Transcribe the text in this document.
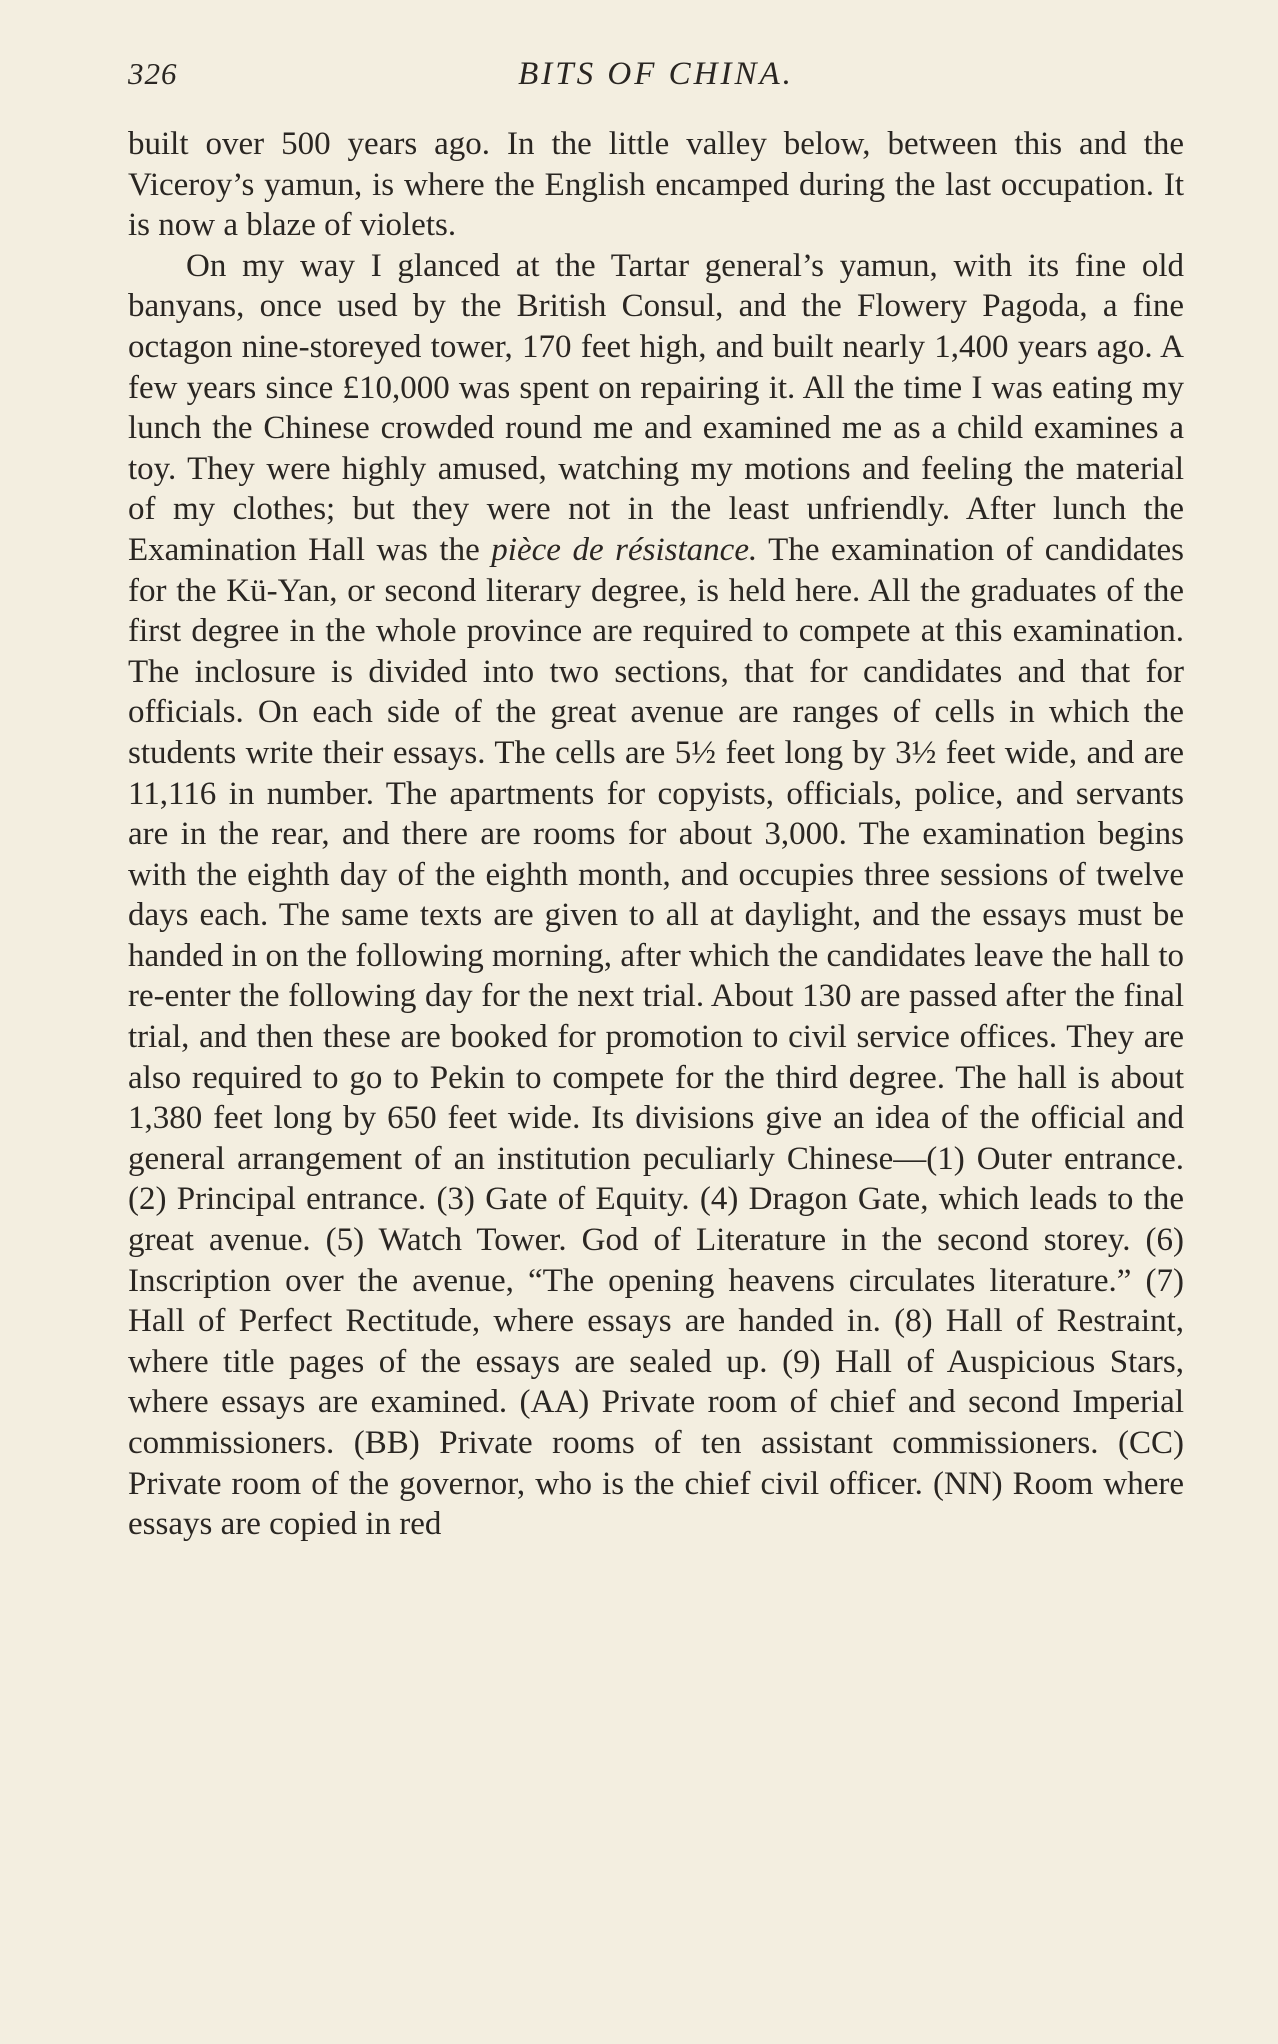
326	BITS OF CHINA.

built over 500 years ago. In the little valley below, between this and the Viceroy’s yamun, is where the English encamped during the last occupation. It is now a blaze of violets.

On my way I glanced at the Tartar general’s yamun, with its fine old banyans, once used by the British Consul, and the Flowery Pagoda, a fine octagon nine-storeyed tower, 170 feet high, and built nearly 1,400 years ago. A few years since £10,000 was spent on repairing it. All the time I was eating my lunch the Chinese crowded round me and examined me as a child examines a toy. They were highly amused, watching my motions and feeling the material of my clothes; but they were not in the least unfriendly. After lunch the Examination Hall was the pièce de résistance. The examination of candidates for the Kü-Yan, or second literary degree, is held here. All the graduates of the first degree in the whole province are required to compete at this examination. The inclosure is divided into two sections, that for candidates and that for officials. On each side of the great avenue are ranges of cells in which the students write their essays. The cells are 5½ feet long by 3½ feet wide, and are 11,116 in number. The apartments for copyists, officials, police, and servants are in the rear, and there are rooms for about 3,000. The examination begins with the eighth day of the eighth month, and occupies three sessions of twelve days each. The same texts are given to all at daylight, and the essays must be handed in on the following morning, after which the candidates leave the hall to re-enter the following day for the next trial. About 130 are passed after the final trial, and then these are booked for promotion to civil service offices. They are also required to go to Pekin to compete for the third degree. The hall is about 1,380 feet long by 650 feet wide. Its divisions give an idea of the official and general arrangement of an institution peculiarly Chinese—(1) Outer entrance. (2) Principal entrance. (3) Gate of Equity. (4) Dragon Gate, which leads to the great avenue. (5) Watch Tower. God of Literature in the second storey. (6) Inscription over the avenue, “The opening heavens circulates literature.” (7) Hall of Perfect Rectitude, where essays are handed in. (8) Hall of Restraint, where title pages of the essays are sealed up. (9) Hall of Auspicious Stars, where essays are examined. (AA) Private room of chief and second Imperial commissioners. (BB) Private rooms of ten assistant commissioners. (CC) Private room of the governor, who is the chief civil officer. (NN) Room where essays are copied in red
